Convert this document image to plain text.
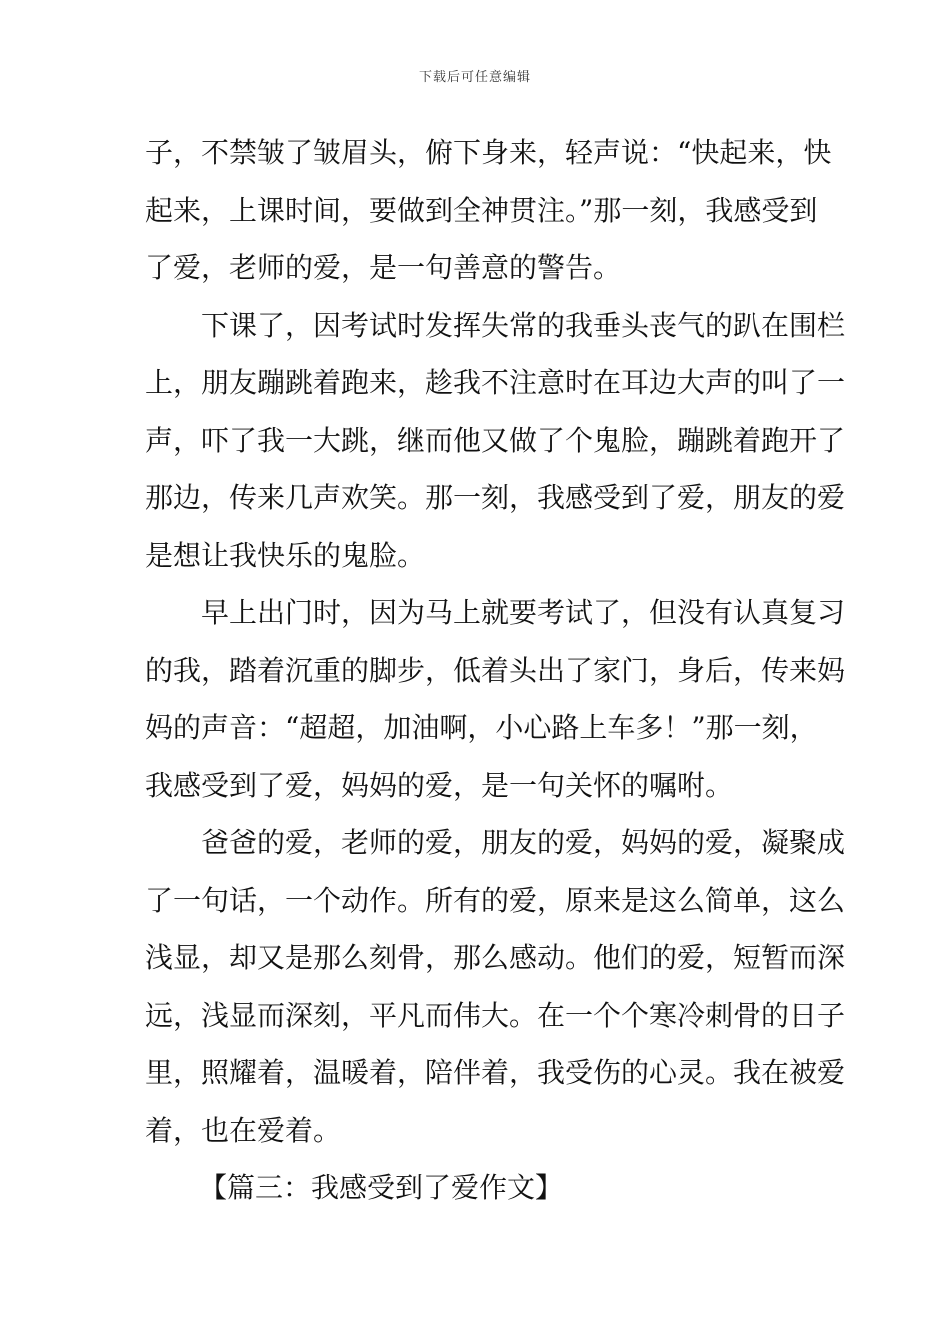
下载后可任意编辑
子，不禁皱了皱眉头，俯下身来，轻声说：“快起来，快
起来，上课时间，要做到全神贯注。”那一刻，我感受到
了爱，老师的爱，是一句善意的警告。
下课了，因考试时发挥失常的我垂头丧气的趴在围栏
上，朋友蹦跳着跑来，趁我不注意时在耳边大声的叫了一
声，吓了我一大跳，继而他又做了个鬼脸，蹦跳着跑开了
那边，传来几声欢笑。那一刻，我感受到了爱，朋友的爱
是想让我快乐的鬼脸。
早上出门时，因为马上就要考试了，但没有认真复习
的我，踏着沉重的脚步，低着头出了家门，身后，传来妈
妈的声音：“超超，加油啊，小心路上车多！”那一刻，
我感受到了爱，妈妈的爱，是一句关怀的嘱咐。
爸爸的爱，老师的爱，朋友的爱，妈妈的爱，凝聚成
了一句话，一个动作。所有的爱，原来是这么简单，这么
浅显，却又是那么刻骨，那么感动。他们的爱，短暂而深
远，浅显而深刻，平凡而伟大。在一个个寒冷刺骨的日子
里，照耀着，温暖着，陪伴着，我受伤的心灵。我在被爱
着，也在爱着。
【篇三：我感受到了爱作文】
